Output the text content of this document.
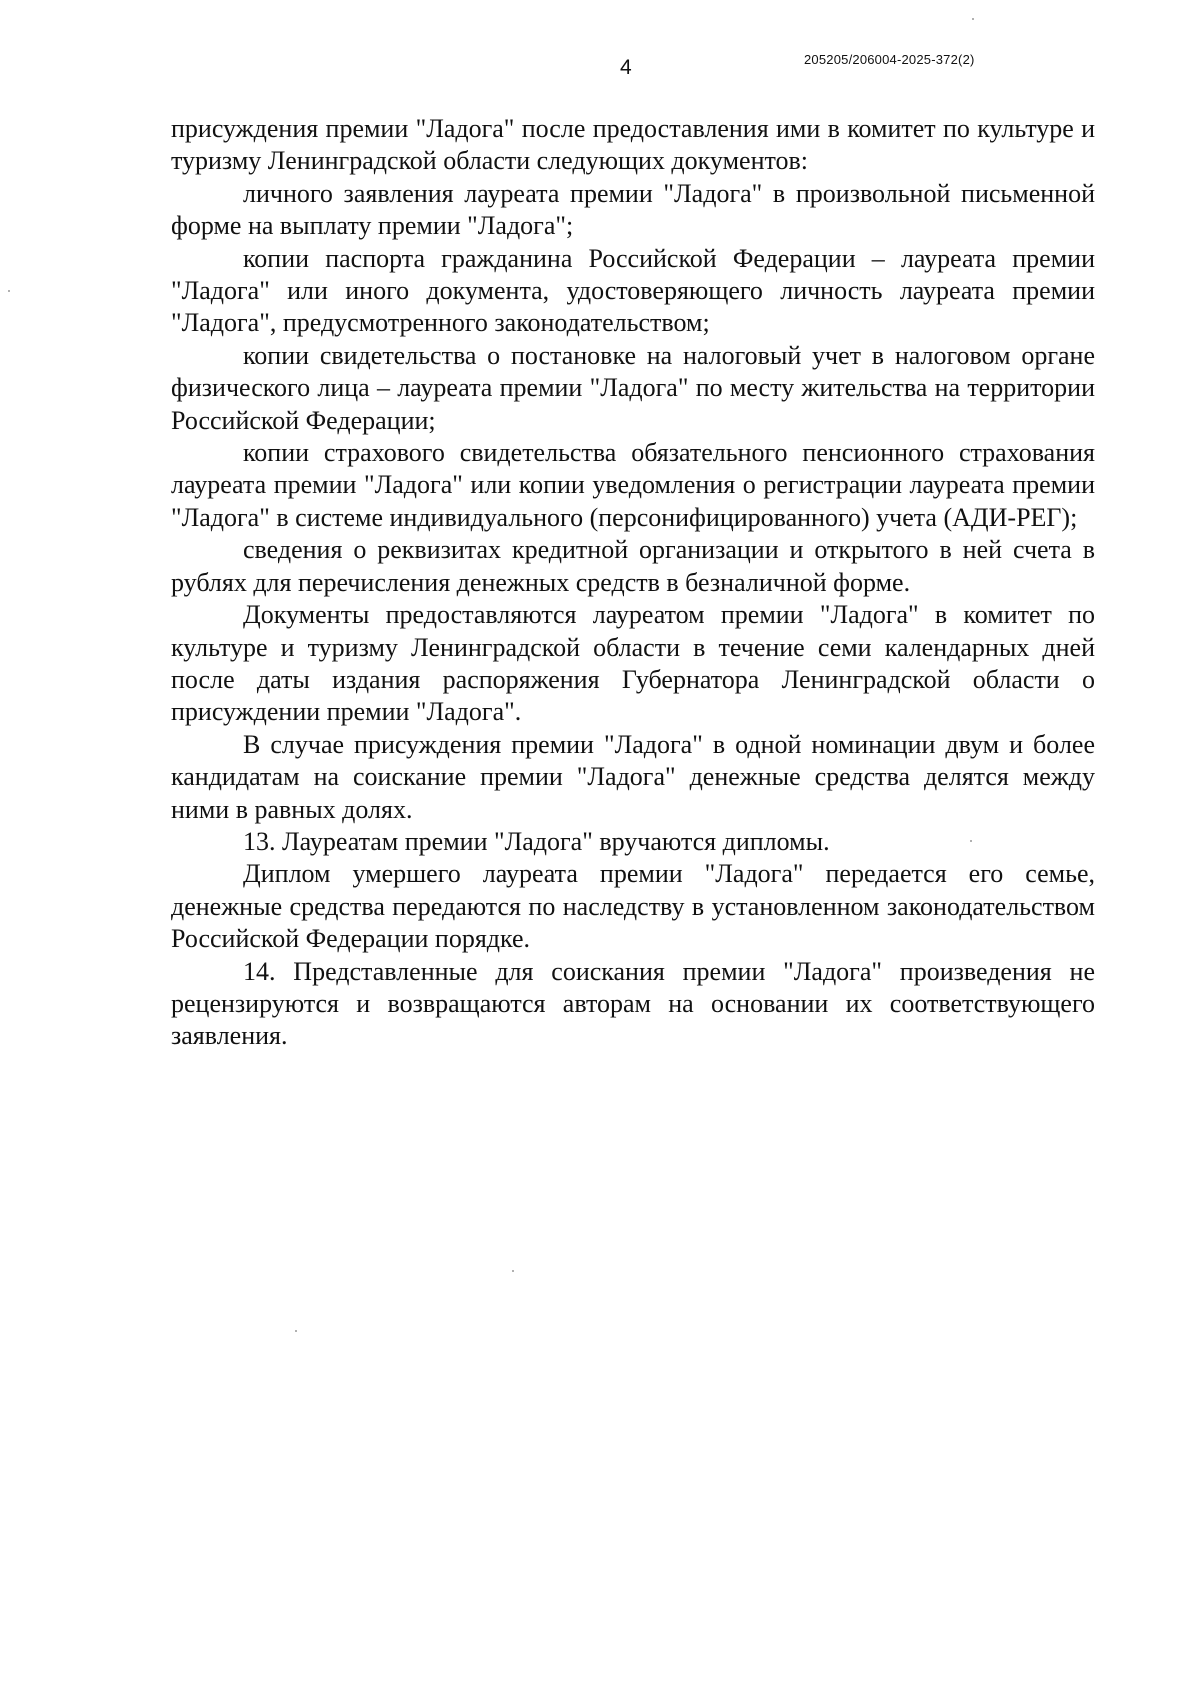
4	205205/206004-2025-372(2)

присуждения премии "Ладога" после предоставления ими в комитет по культуре и туризму Ленинградской области следующих документов:

личного заявления лауреата премии "Ладога" в произвольной письменной форме на выплату премии "Ладога";

копии паспорта гражданина Российской Федерации – лауреата премии "Ладога" или иного документа, удостоверяющего личность лауреата премии "Ладога", предусмотренного законодательством;

копии свидетельства о постановке на налоговый учет в налоговом органе физического лица – лауреата премии "Ладога" по месту жительства на территории Российской Федерации;

копии страхового свидетельства обязательного пенсионного страхования лауреата премии "Ладога" или копии уведомления о регистрации лауреата премии "Ладога" в системе индивидуального (персонифицированного) учета (АДИ-РЕГ);

сведения о реквизитах кредитной организации и открытого в ней счета в рублях для перечисления денежных средств в безналичной форме.

Документы предоставляются лауреатом премии "Ладога" в комитет по культуре и туризму Ленинградской области в течение семи календарных дней после даты издания распоряжения Губернатора Ленинградской области о присуждении премии "Ладога".

В случае присуждения премии "Ладога" в одной номинации двум и более кандидатам на соискание премии "Ладога" денежные средства делятся между ними в равных долях.

13. Лауреатам премии "Ладога" вручаются дипломы.

Диплом умершего лауреата премии "Ладога" передается его семье, денежные средства передаются по наследству в установленном законодательством Российской Федерации порядке.

14. Представленные для соискания премии "Ладога" произведения не рецензируются и возвращаются авторам на основании их соответствующего заявления.
